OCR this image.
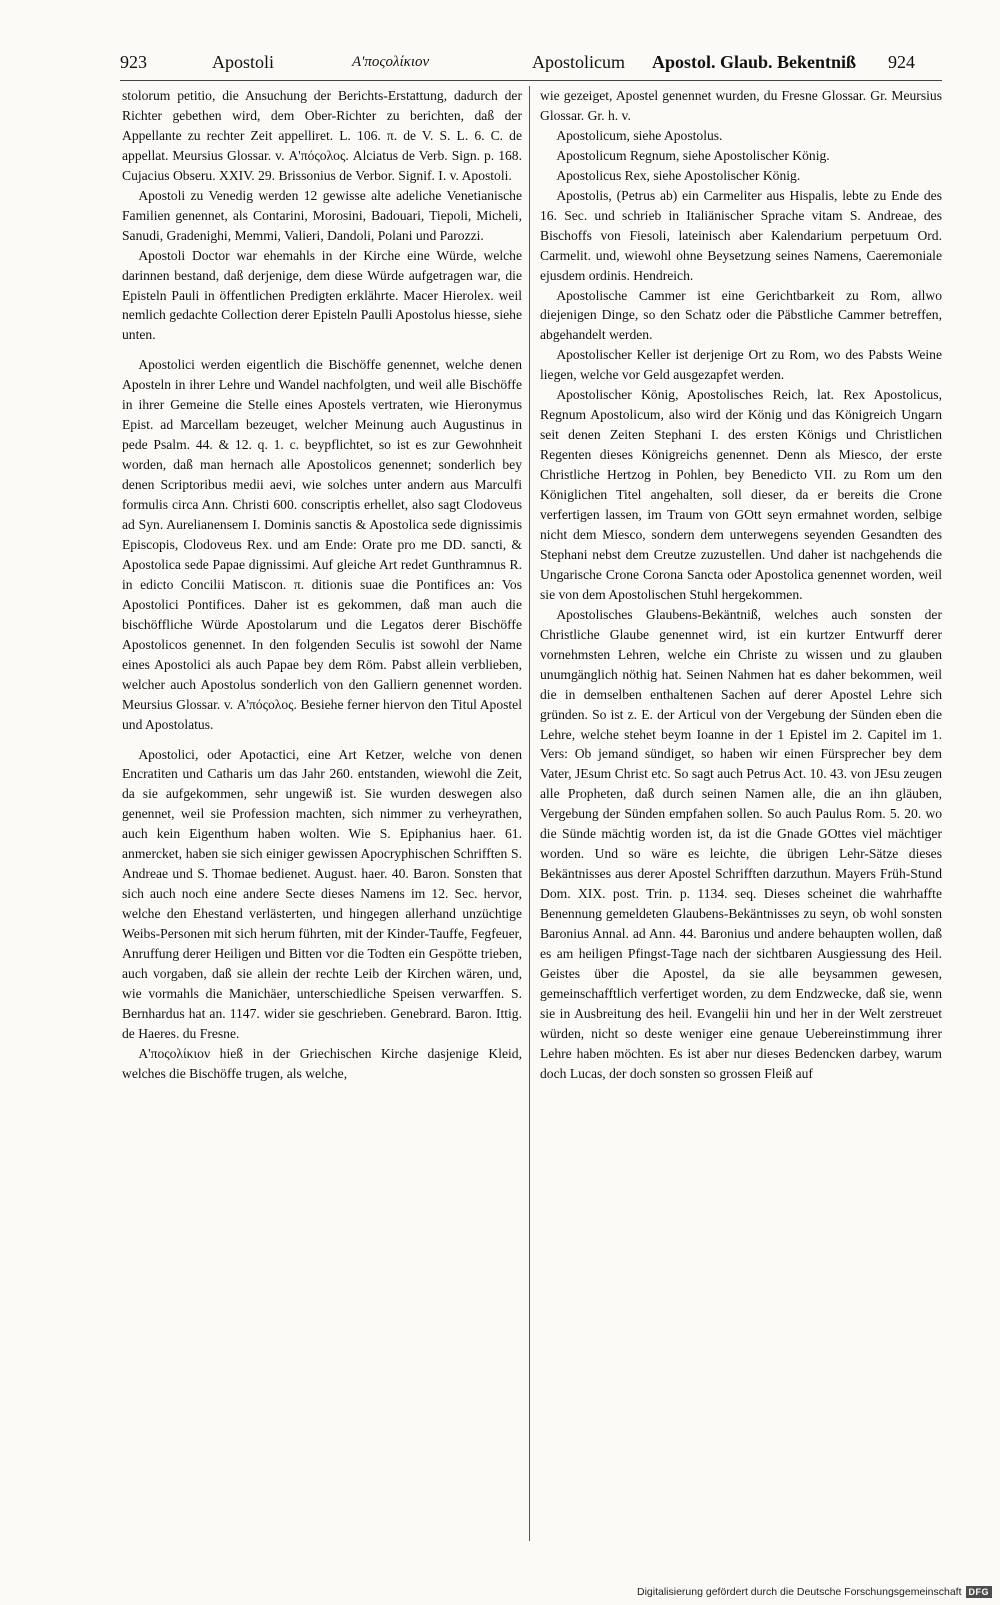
923	Apostoli	Α'ποςολίκιον	Apostolicum Apostol. Glaub. Bekentniß 924

stolorum petitio, die Ansuchung der Berichts-Erstattung, dadurch der Richter gebethen wird, dem Ober-Richter zu berichten, daß der Appellante zu rechter Zeit appelliret. L. 106. π. de V. S. L. 6. C. de appellat. Meursius Glossar. v. Α'πόςολος. Alciatus de Verb. Sign. p. 168. Cujacius Obseru. XXIV. 29. Brissonius de Verbor. Signif. I. v. Apostoli.

Apostoli zu Venedig werden 12 gewisse alte adeliche Venetianische Familien genennet, als Contarini, Morosini, Badouari, Tiepoli, Micheli, Sanudi, Gradenighi, Memmi, Valieri, Dandoli, Polani und Parozzi.

Apostoli Doctor war ehemahls in der Kirche eine Würde, welche darinnen bestand, daß derjenige, dem diese Würde aufgetragen war, die Episteln Pauli in öffentlichen Predigten erklährte. Macer Hierolex. weil nemlich gedachte Collection derer Episteln Paulli Apostolus hiesse, siehe unten.

Apostolici werden eigentlich die Bischöffe genennet, welche denen Aposteln in ihrer Lehre und Wandel nachfolgten, und weil alle Bischöffe in ihrer Gemeine die Stelle eines Apostels vertraten, wie Hieronymus Epist. ad Marcellam bezeuget, welcher Meinung auch Augustinus in pede Psalm. 44. & 12. q. 1. c. beypflichtet, so ist es zur Gewohnheit worden, daß man hernach alle Apostolicos genennet; sonderlich bey denen Scriptoribus medii aevi, wie solches unter andern aus Marculfi formulis circa Ann. Christi 600. conscriptis erhellet, also sagt Clodoveus ad Syn. Aurelianensem I. Dominis sanctis & Apostolica sede dignissimis Episcopis, Clodoveus Rex. und am Ende: Orate pro me DD. sancti, & Apostolica sede Papae dignissimi. Auf gleiche Art redet Gunthramnus R. in edicto Concilii Matiscon. π. ditionis suae die Pontifices an: Vos Apostolici Pontifices. Daher ist es gekommen, daß man auch die bischöffliche Würde Apostolarum und die Legatos derer Bischöffe Apostolicos genennet. In den folgenden Seculis ist sowohl der Name eines Apostolici als auch Papae bey dem Röm. Pabst allein verblieben, welcher auch Apostolus sonderlich von den Galliern genennet worden. Meursius Glossar. v. Α'πόςολος. Besiehe ferner hiervon den Titul Apostel und Apostolatus.

Apostolici, oder Apotactici, eine Art Ketzer, welche von denen Encratiten und Catharis um das Jahr 260. entstanden, wiewohl die Zeit, da sie aufgekommen, sehr ungewiß ist. Sie wurden deswegen also genennet, weil sie Profession machten, sich nimmer zu verheyrathen, auch kein Eigenthum haben wolten. Wie S. Epiphanius haer. 61. anmercket, haben sie sich einiger gewissen Apocryphischen Schrifften S. Andreae und S. Thomae bedienet. August. haer. 40. Baron. Sonsten that sich auch noch eine andere Secte dieses Namens im 12. Sec. hervor, welche den Ehestand verlästerten, und hingegen allerhand unzüchtige Weibs-Personen mit sich herum führten, mit der Kinder-Tauffe, Fegfeuer, Anruffung derer Heiligen und Bitten vor die Todten ein Gespötte trieben, auch vorgaben, daß sie allein der rechte Leib der Kirchen wären, und, wie vormahls die Manichäer, unterschiedliche Speisen verwarffen. S. Bernhardus hat an. 1147. wider sie geschrieben. Genebrard. Baron. Ittig. de Haeres. du Fresne.

Α'ποςολίκιον hieß in der Griechischen Kirche dasjenige Kleid, welches die Bischöffe trugen, als welche,

wie gezeiget, Apostel genennet wurden, du Fresne Glossar. Gr. Meursius Glossar. Gr. h. v.

Apostolicum, siehe Apostolus.

Apostolicum Regnum, siehe Apostolischer König.

Apostolicus Rex, siehe Apostolischer König.

Apostolis, (Petrus ab) ein Carmeliter aus Hispalis, lebte zu Ende des 16. Sec. und schrieb in Italiänischer Sprache vitam S. Andreae, des Bischoffs von Fiesoli, lateinisch aber Kalendarium perpetuum Ord. Carmelit. und, wiewohl ohne Beysetzung seines Namens, Caeremoniale ejusdem ordinis. Hendreich.

Apostolische Cammer ist eine Gerichtbarkeit zu Rom, allwo diejenigen Dinge, so den Schatz oder die Päbstliche Cammer betreffen, abgehandelt werden.

Apostolischer Keller ist derjenige Ort zu Rom, wo des Pabsts Weine liegen, welche vor Geld ausgezapfet werden.

Apostolischer König, Apostolisches Reich, lat. Rex Apostolicus, Regnum Apostolicum, also wird der König und das Königreich Ungarn seit denen Zeiten Stephani I. des ersten Königs und Christlichen Regenten dieses Königreichs genennet. Denn als Miesco, der erste Christliche Hertzog in Pohlen, bey Benedicto VII. zu Rom um den Königlichen Titel angehalten, soll dieser, da er bereits die Crone verfertigen lassen, im Traum von GOtt seyn ermahnet worden, selbige nicht dem Miesco, sondern dem unterwegens seyenden Gesandten des Stephani nebst dem Creutze zuzustellen. Und daher ist nachgehends die Ungarische Crone Corona Sancta oder Apostolica genennet worden, weil sie von dem Apostolischen Stuhl hergekommen.

Apostolisches Glaubens-Bekäntniß, welches auch sonsten der Christliche Glaube genennet wird, ist ein kurtzer Entwurff derer vornehmsten Lehren, welche ein Christe zu wissen und zu glauben unumgänglich nöthig hat. Seinen Nahmen hat es daher bekommen, weil die in demselben enthaltenen Sachen auf derer Apostel Lehre sich gründen. So ist z. E. der Articul von der Vergebung der Sünden eben die Lehre, welche stehet beym Ioanne in der 1 Epistel im 2. Capitel im 1. Vers: Ob jemand sündiget, so haben wir einen Fürsprecher bey dem Vater, JEsum Christ etc. So sagt auch Petrus Act. 10. 43. von JEsu zeugen alle Propheten, daß durch seinen Namen alle, die an ihn gläuben, Vergebung der Sünden empfahen sollen. So auch Paulus Rom. 5. 20. wo die Sünde mächtig worden ist, da ist die Gnade GOttes viel mächtiger worden. Und so wäre es leichte, die übrigen Lehr-Sätze dieses Bekäntnisses aus derer Apostel Schrifften darzuthun. Mayers Früh-Stund Dom. XIX. post. Trin. p. 1134. seq. Dieses scheinet die wahrhaffte Benennung gemeldeten Glaubens-Bekäntnisses zu seyn, ob wohl sonsten Baronius Annal. ad Ann. 44. Baronius und andere behaupten wollen, daß es am heiligen Pfingst-Tage nach der sichtbaren Ausgiessung des Heil. Geistes über die Apostel, da sie alle beysammen gewesen, gemeinschafftlich verfertiget worden, zu dem Endzwecke, daß sie, wenn sie in Ausbreitung des heil. Evangelii hin und her in der Welt zerstreuet würden, nicht so deste weniger eine genaue Uebereinstimmung ihrer Lehre haben möchten. Es ist aber nur dieses Bedencken darbey, warum doch Lucas, der doch sonsten so grossen Fleiß auf

Digitalisierung gefördert durch die Deutsche Forschungsgemeinschaft DFG
